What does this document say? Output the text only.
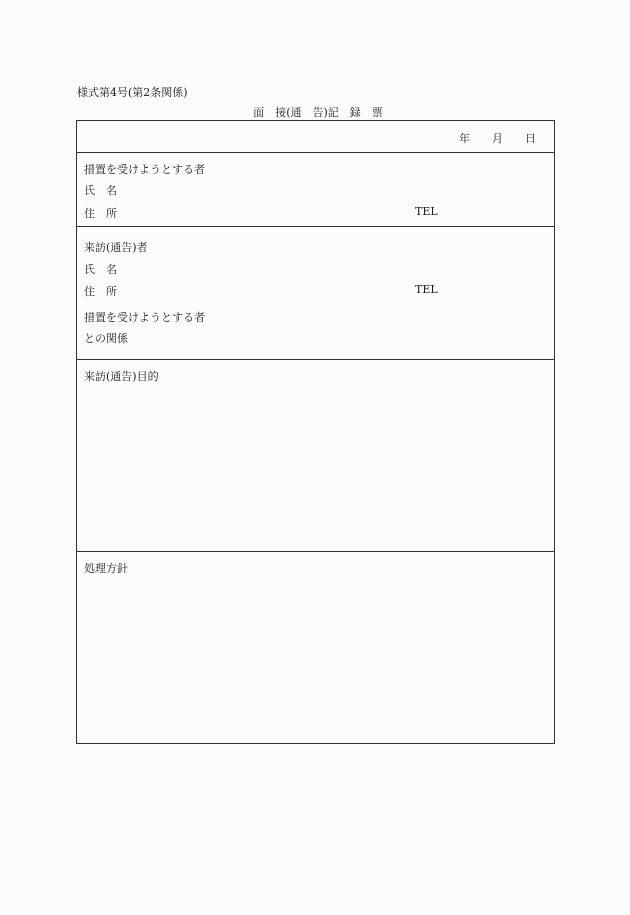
様式第4号(第2条関係)
面　接(通　告)記　録　票
年 月 日
措置を受けようとする者
氏　名
住　所	TEL
来訪(通告)者
氏　名
住　所	TEL
措置を受けようとする者
との関係
来訪(通告)目的
処理方針
